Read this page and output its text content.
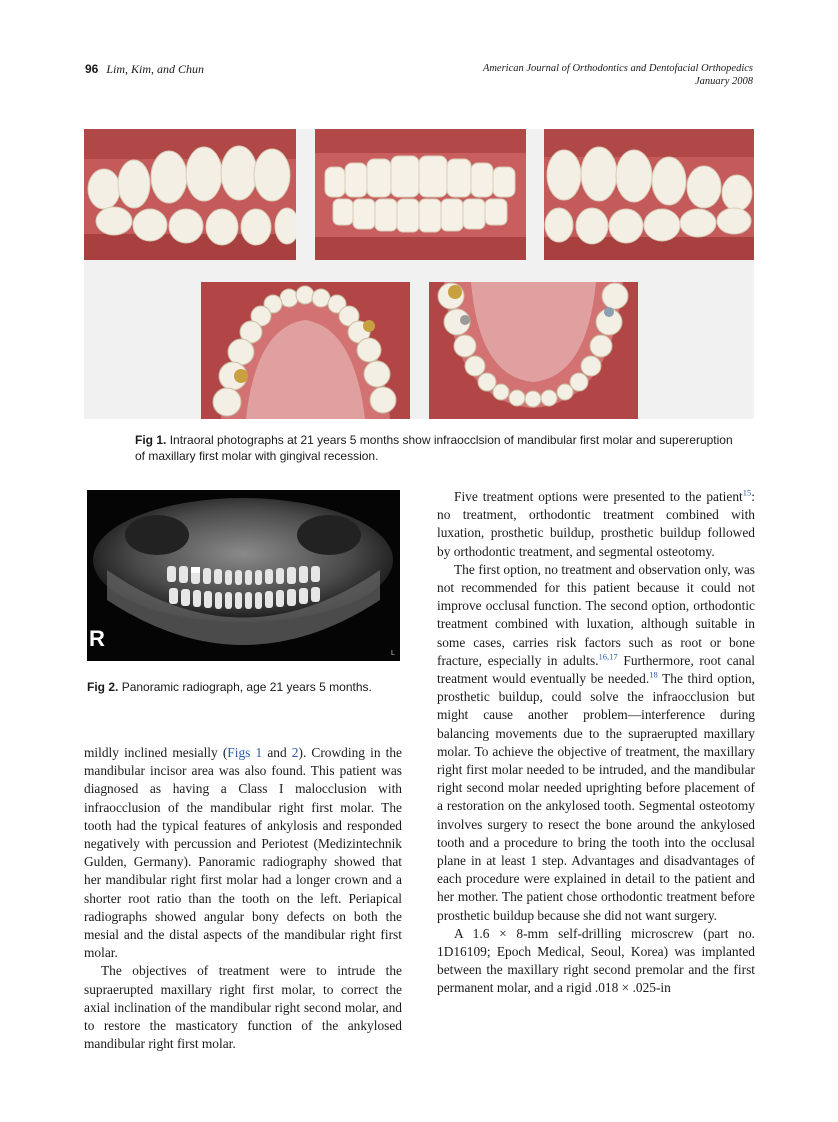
96 Lim, Kim, and Chun	American Journal of Orthodontics and Dentofacial Orthopedics
January 2008
Fig 1. Intraoral photographs at 21 years 5 months show infraocclsion of mandibular first molar and supereruption of maxillary first molar with gingival recession.
R
L
Fig 2. Panoramic radiograph, age 21 years 5 months.

mildly inclined mesially (Figs 1 and 2). Crowding in the mandibular incisor area was also found. This patient was diagnosed as having a Class I malocclusion with infraocclusion of the mandibular right first molar. The tooth had the typical features of ankylosis and responded negatively with percussion and Periotest (Medizintechnik Gulden, Germany). Panoramic radiography showed that her mandibular right first molar had a longer crown and a shorter root ratio than the tooth on the left. Periapical radiographs showed angular bony defects on both the mesial and the distal aspects of the mandibular right first molar.

The objectives of treatment were to intrude the supraerupted maxillary right first molar, to correct the axial inclination of the mandibular right second molar, and to restore the masticatory function of the ankylosed mandibular right first molar.

Five treatment options were presented to the patient$^{15}$: no treatment, orthodontic treatment combined with luxation, prosthetic buildup, prosthetic buildup followed by orthodontic treatment, and segmental osteotomy.

The first option, no treatment and observation only, was not recommended for this patient because it could not improve occlusal function. The second option, orthodontic treatment combined with luxation, although suitable in some cases, carries risk factors such as root or bone fracture, especially in adults.$^{16,17}$ Furthermore, root canal treatment would eventually be needed.$^{18}$ The third option, prosthetic buildup, could solve the infraocclusion but might cause another problem—interference during balancing movements due to the supraerupted maxillary molar. To achieve the objective of treatment, the maxillary right first molar needed to be intruded, and the mandibular right second molar needed uprighting before placement of a restoration on the ankylosed tooth. Segmental osteotomy involves surgery to resect the bone around the ankylosed tooth and a procedure to bring the tooth into the occlusal plane in at least 1 step. Advantages and disadvantages of each procedure were explained in detail to the patient and her mother. The patient chose orthodontic treatment before prosthetic buildup because she did not want surgery.

A 1.6 × 8-mm self-drilling microscrew (part no. 1D16109; Epoch Medical, Seoul, Korea) was implanted between the maxillary right second premolar and the first permanent molar, and a rigid .018 × .025-in
